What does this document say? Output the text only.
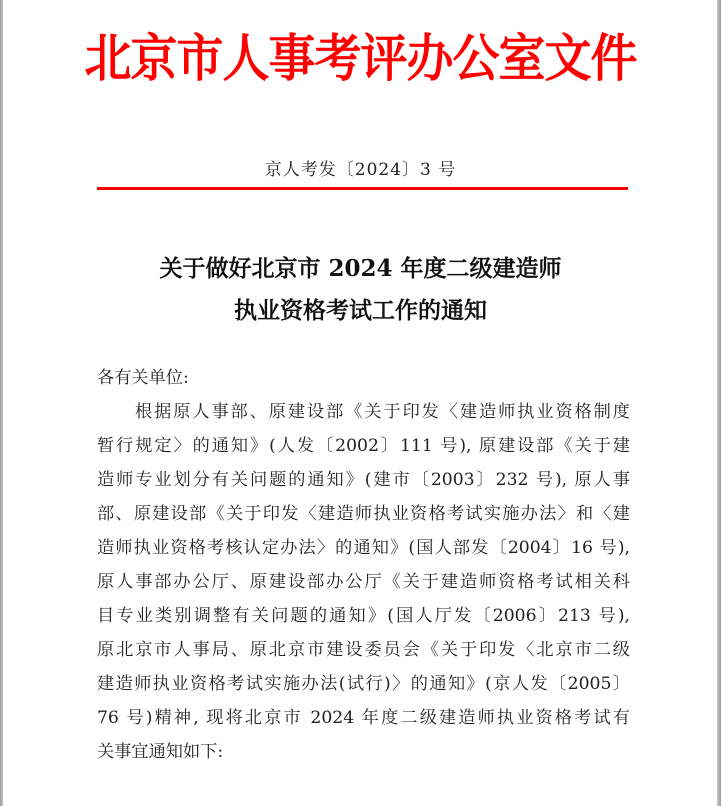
北京市人事考评办公室文件
京人考发〔2024〕3 号
关于做好北京市 2024 年度二级建造师
执业资格考试工作的通知
各有关单位:
根据原人事部、原建设部《关于印发〈建造师执业资格制度
暂行规定〉的通知》(人发〔2002〕111 号), 原建设部《关于建
造师专业划分有关问题的通知》(建市〔2003〕232 号), 原人事
部、原建设部《关于印发〈建造师执业资格考试实施办法〉和〈建
造师执业资格考核认定办法〉的通知》(国人部发〔2004〕16 号),
原人事部办公厅、原建设部办公厅《关于建造师资格考试相关科
目专业类别调整有关问题的通知》(国人厅发〔2006〕213 号),
原北京市人事局、原北京市建设委员会《关于印发〈北京市二级
建造师执业资格考试实施办法(试行)〉的通知》(京人发〔2005〕
76 号)精神, 现将北京市 2024 年度二级建造师执业资格考试有
关事宜通知如下:
